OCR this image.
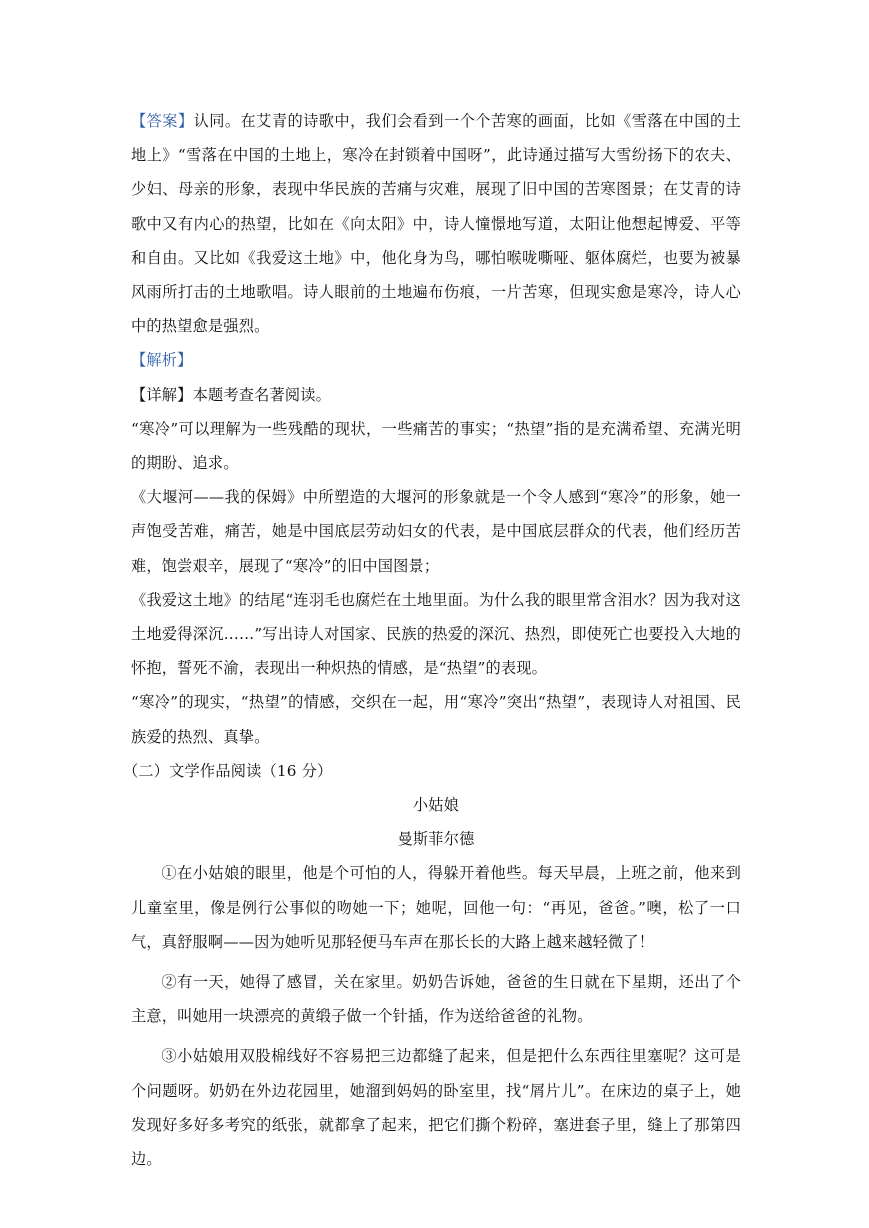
【答案】认同。在艾青的诗歌中，我们会看到一个个苦寒的画面，比如《雪落在中国的土地上》“雪落在中国的土地上，寒冷在封锁着中国呀”，此诗通过描写大雪纷扬下的农夫、少妇、母亲的形象，表现中华民族的苦痛与灾难，展现了旧中国的苦寒图景；在艾青的诗歌中又有内心的热望，比如在《向太阳》中，诗人憧憬地写道，太阳让他想起博爱、平等和自由。又比如《我爱这土地》中，他化身为鸟，哪怕喉咙嘶哑、躯体腐烂，也要为被暴风雨所打击的土地歌唱。诗人眼前的土地遍布伤痕，一片苦寒，但现实愈是寒冷，诗人心中的热望愈是强烈。

【解析】

【详解】本题考查名著阅读。

“寒冷”可以理解为一些残酷的现状，一些痛苦的事实；“热望”指的是充满希望、充满光明的期盼、追求。

《大堰河——我的保姆》中所塑造的大堰河的形象就是一个令人感到“寒冷”的形象，她一声饱受苦难，痛苦，她是中国底层劳动妇女的代表，是中国底层群众的代表，他们经历苦难，饱尝艰辛，展现了“寒冷”的旧中国图景；

《我爱这土地》的结尾“连羽毛也腐烂在土地里面。为什么我的眼里常含泪水？因为我对这土地爱得深沉……”写出诗人对国家、民族的热爱的深沉、热烈，即使死亡也要投入大地的怀抱，誓死不渝，表现出一种炽热的情感，是“热望”的表现。

“寒冷”的现实，“热望”的情感，交织在一起，用“寒冷”突出“热望”，表现诗人对祖国、民族爱的热烈、真挚。

（二）文学作品阅读（16 分）

小姑娘

曼斯菲尔德

①在小姑娘的眼里，他是个可怕的人，得躲开着他些。每天早晨，上班之前，他来到儿童室里，像是例行公事似的吻她一下；她呢，回他一句：“再见，爸爸。”噢，松了一口气，真舒服啊——因为她听见那轻便马车声在那长长的大路上越来越轻微了！

②有一天，她得了感冒，关在家里。奶奶告诉她，爸爸的生日就在下星期，还出了个主意，叫她用一块漂亮的黄缎子做一个针插，作为送给爸爸的礼物。

③小姑娘用双股棉线好不容易把三边都缝了起来，但是把什么东西往里塞呢？这可是个问题呀。奶奶在外边花园里，她溜到妈妈的卧室里，找“屑片儿”。在床边的桌子上，她发现好多好多考究的纸张，就都拿了起来，把它们撕个粉碎，塞进套子里，缝上了那第四边。
